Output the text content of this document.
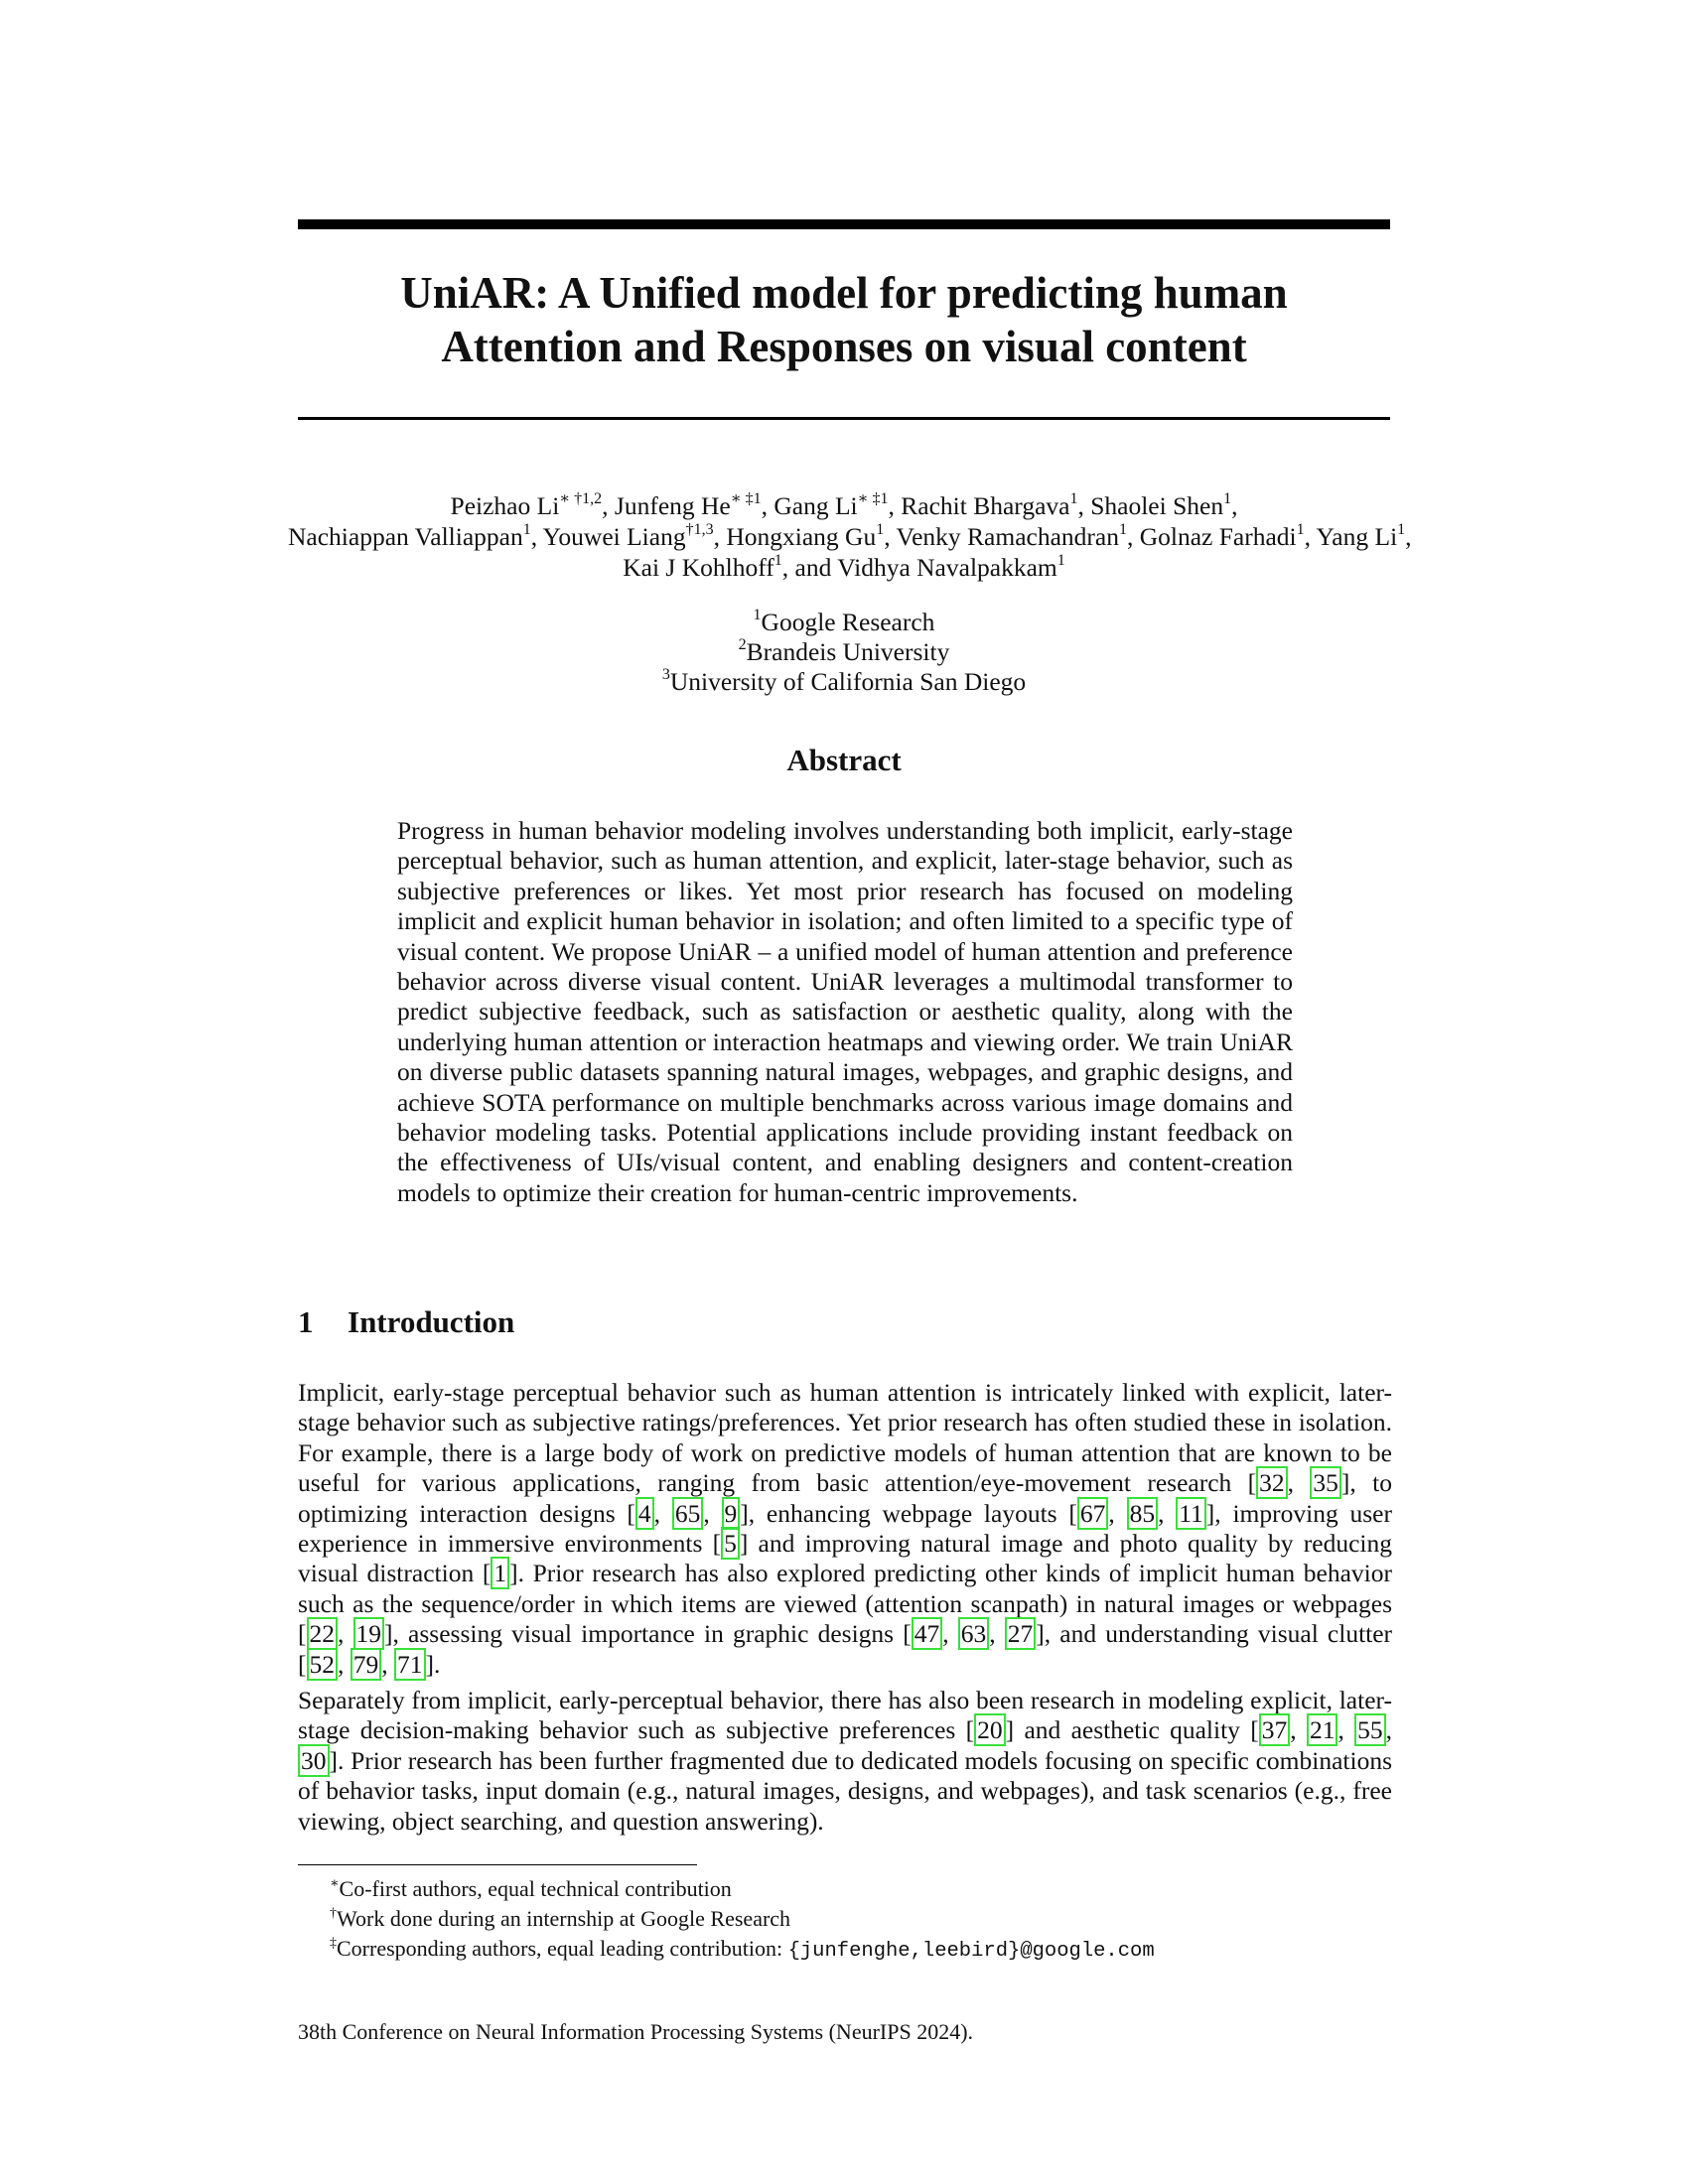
UniAR: A Unified model for predicting human
Attention and Responses on visual content
Peizhao $Li^{∗ \dagger 1,2}$, Junfeng $He^{∗ \ddagger 1}$, Gang $Li^{∗ \ddagger 1}$, Rachit Bhargava$^1$, Shaolei Shen$^1$,
Nachiappan Valliappan$^1$, Youwei Liang$^{\dagger 1,3}$, Hongxiang Gu$^1$, Venky Ramachandran$^1$, Golnaz Farhadi$^1$, Yang Li$^1$,
Kai J Kohlhoff$^1$, and Vidhya Navalpakkam$^1$
$^1$Google Research
$^2$Brandeis University
$^3$University of California San Diego
Abstract
Progress in human behavior modeling involves understanding both implicit, early-stage perceptual behavior, such as human attention, and explicit, later-stage behavior, such as subjective preferences or likes. Yet most prior research has focused on modeling implicit and explicit human behavior in isolation; and often limited to a specific type of visual content. We propose UniAR – a unified model of human attention and preference behavior across diverse visual content. UniAR leverages a multimodal transformer to predict subjective feedback, such as satisfaction or aesthetic quality, along with the underlying human attention or interaction heatmaps and viewing order. We train UniAR on diverse public datasets spanning natural images, webpages, and graphic designs, and achieve SOTA performance on multiple benchmarks across various image domains and behavior modeling tasks. Potential applications include providing instant feedback on the effectiveness of UIs/visual content, and enabling designers and content-creation models to optimize their creation for human-centric improvements.
1 Introduction
Implicit, early-stage perceptual behavior such as human attention is intricately linked with explicit, later-stage behavior such as subjective ratings/preferences. Yet prior research has often studied these in isolation. For example, there is a large body of work on predictive models of human attention that are known to be useful for various applications, ranging from basic attention/eye-movement research [ 32 , 35 ], to optimizing interaction designs [ 4 , 65 , 9 ], enhancing webpage layouts [ 67 , 85 , 11 ], improving user experience in immersive environments [ 5 ] and improving natural image and photo quality by reducing visual distraction [ 1 ]. Prior research has also explored predicting other kinds of implicit human behavior such as the sequence/order in which items are viewed (attention scanpath) in natural images or webpages [ 22 , 19 ], assessing visual importance in graphic designs [ 47 , 63 , 27 ], and understanding visual clutter [ 52 , 79 , 71 ].
Separately from implicit, early-perceptual behavior, there has also been research in modeling explicit, later-stage decision-making behavior such as subjective preferences [ 20 ] and aesthetic quality [ 37 , 21 , 55 , 30 ]. Prior research has been further fragmented due to dedicated models focusing on specific combinations of behavior tasks, input domain (e.g., natural images, designs, and webpages), and task scenarios (e.g., free viewing, object searching, and question answering).
∗Co-first authors, equal technical contribution
†Work done during an internship at Google Research
‡Corresponding authors, equal leading contribution: {junfenghe,leebird}@google.com
38th Conference on Neural Information Processing Systems (NeurIPS 2024).
